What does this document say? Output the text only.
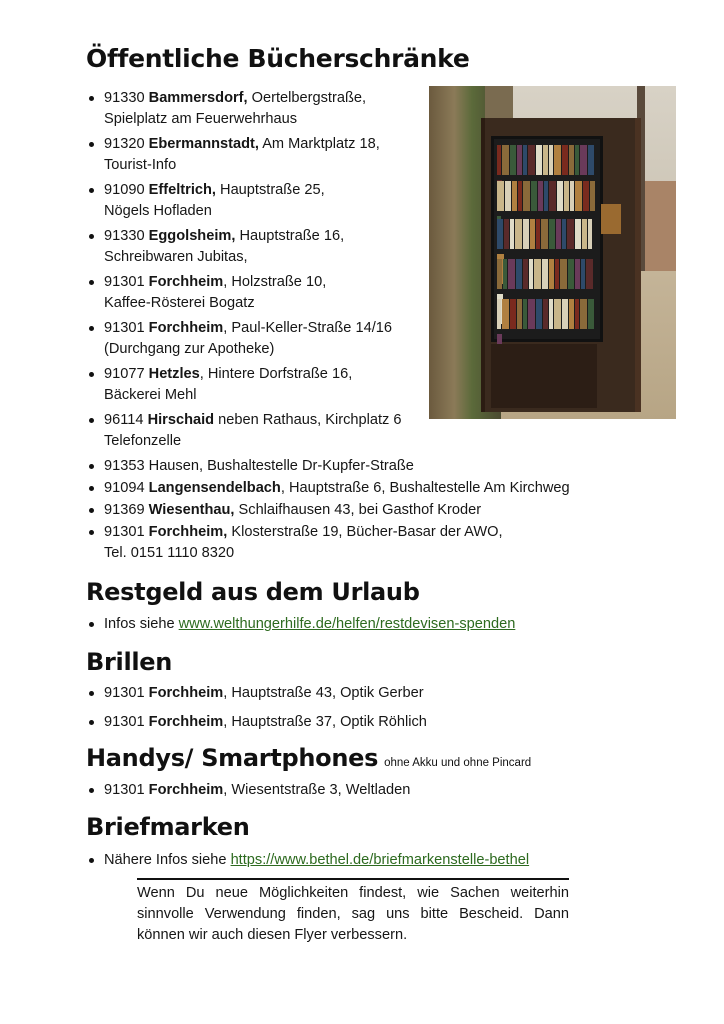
Öffentliche Bücherschränke
91330 Bammersdorf, Oertelbergstraße,
Spielplatz am Feuerwehrhaus
91320 Ebermannstadt, Am Marktplatz 18,
Tourist-Info
91090 Effeltrich, Hauptstraße 25,
Nögels Hofladen
91330 Eggolsheim, Hauptstraße 16,
Schreibwaren Jubitas,
91301 Forchheim, Holzstraße 10,
Kaffee-Rösterei Bogatz
91301 Forchheim, Paul-Keller-Straße 14/16
(Durchgang zur Apotheke)
91077 Hetzles, Hintere Dorfstraße 16,
Bäckerei Mehl
96114 Hirschaid neben Rathaus, Kirchplatz 6
Telefonzelle
91353 Hausen, Bushaltestelle Dr-Kupfer-Straße
91094 Langensendelbach, Hauptstraße 6, Bushaltestelle Am Kirchweg
91369 Wiesenthau, Schlaifhausen 43, bei Gasthof Kroder
91301 Forchheim, Klosterstraße 19, Bücher-Basar der AWO,
Tel. 0151 1110 8320
Restgeld aus dem Urlaub
Infos siehe www.welthungerhilfe.de/helfen/restdevisen-spenden
Brillen
91301 Forchheim, Hauptstraße 43, Optik Gerber
91301 Forchheim, Hauptstraße 37, Optik Röhlich
Handys/ Smartphones ohne Akku und ohne Pincard
91301 Forchheim, Wiesentstraße 3, Weltladen
Briefmarken
Nähere Infos siehe https://www.bethel.de/briefmarkenstelle-bethel
Wenn Du neue Möglichkeiten findest, wie Sachen weiterhin sinnvolle Verwendung finden, sag uns bitte Bescheid. Dann können wir auch diesen Flyer verbessern.
